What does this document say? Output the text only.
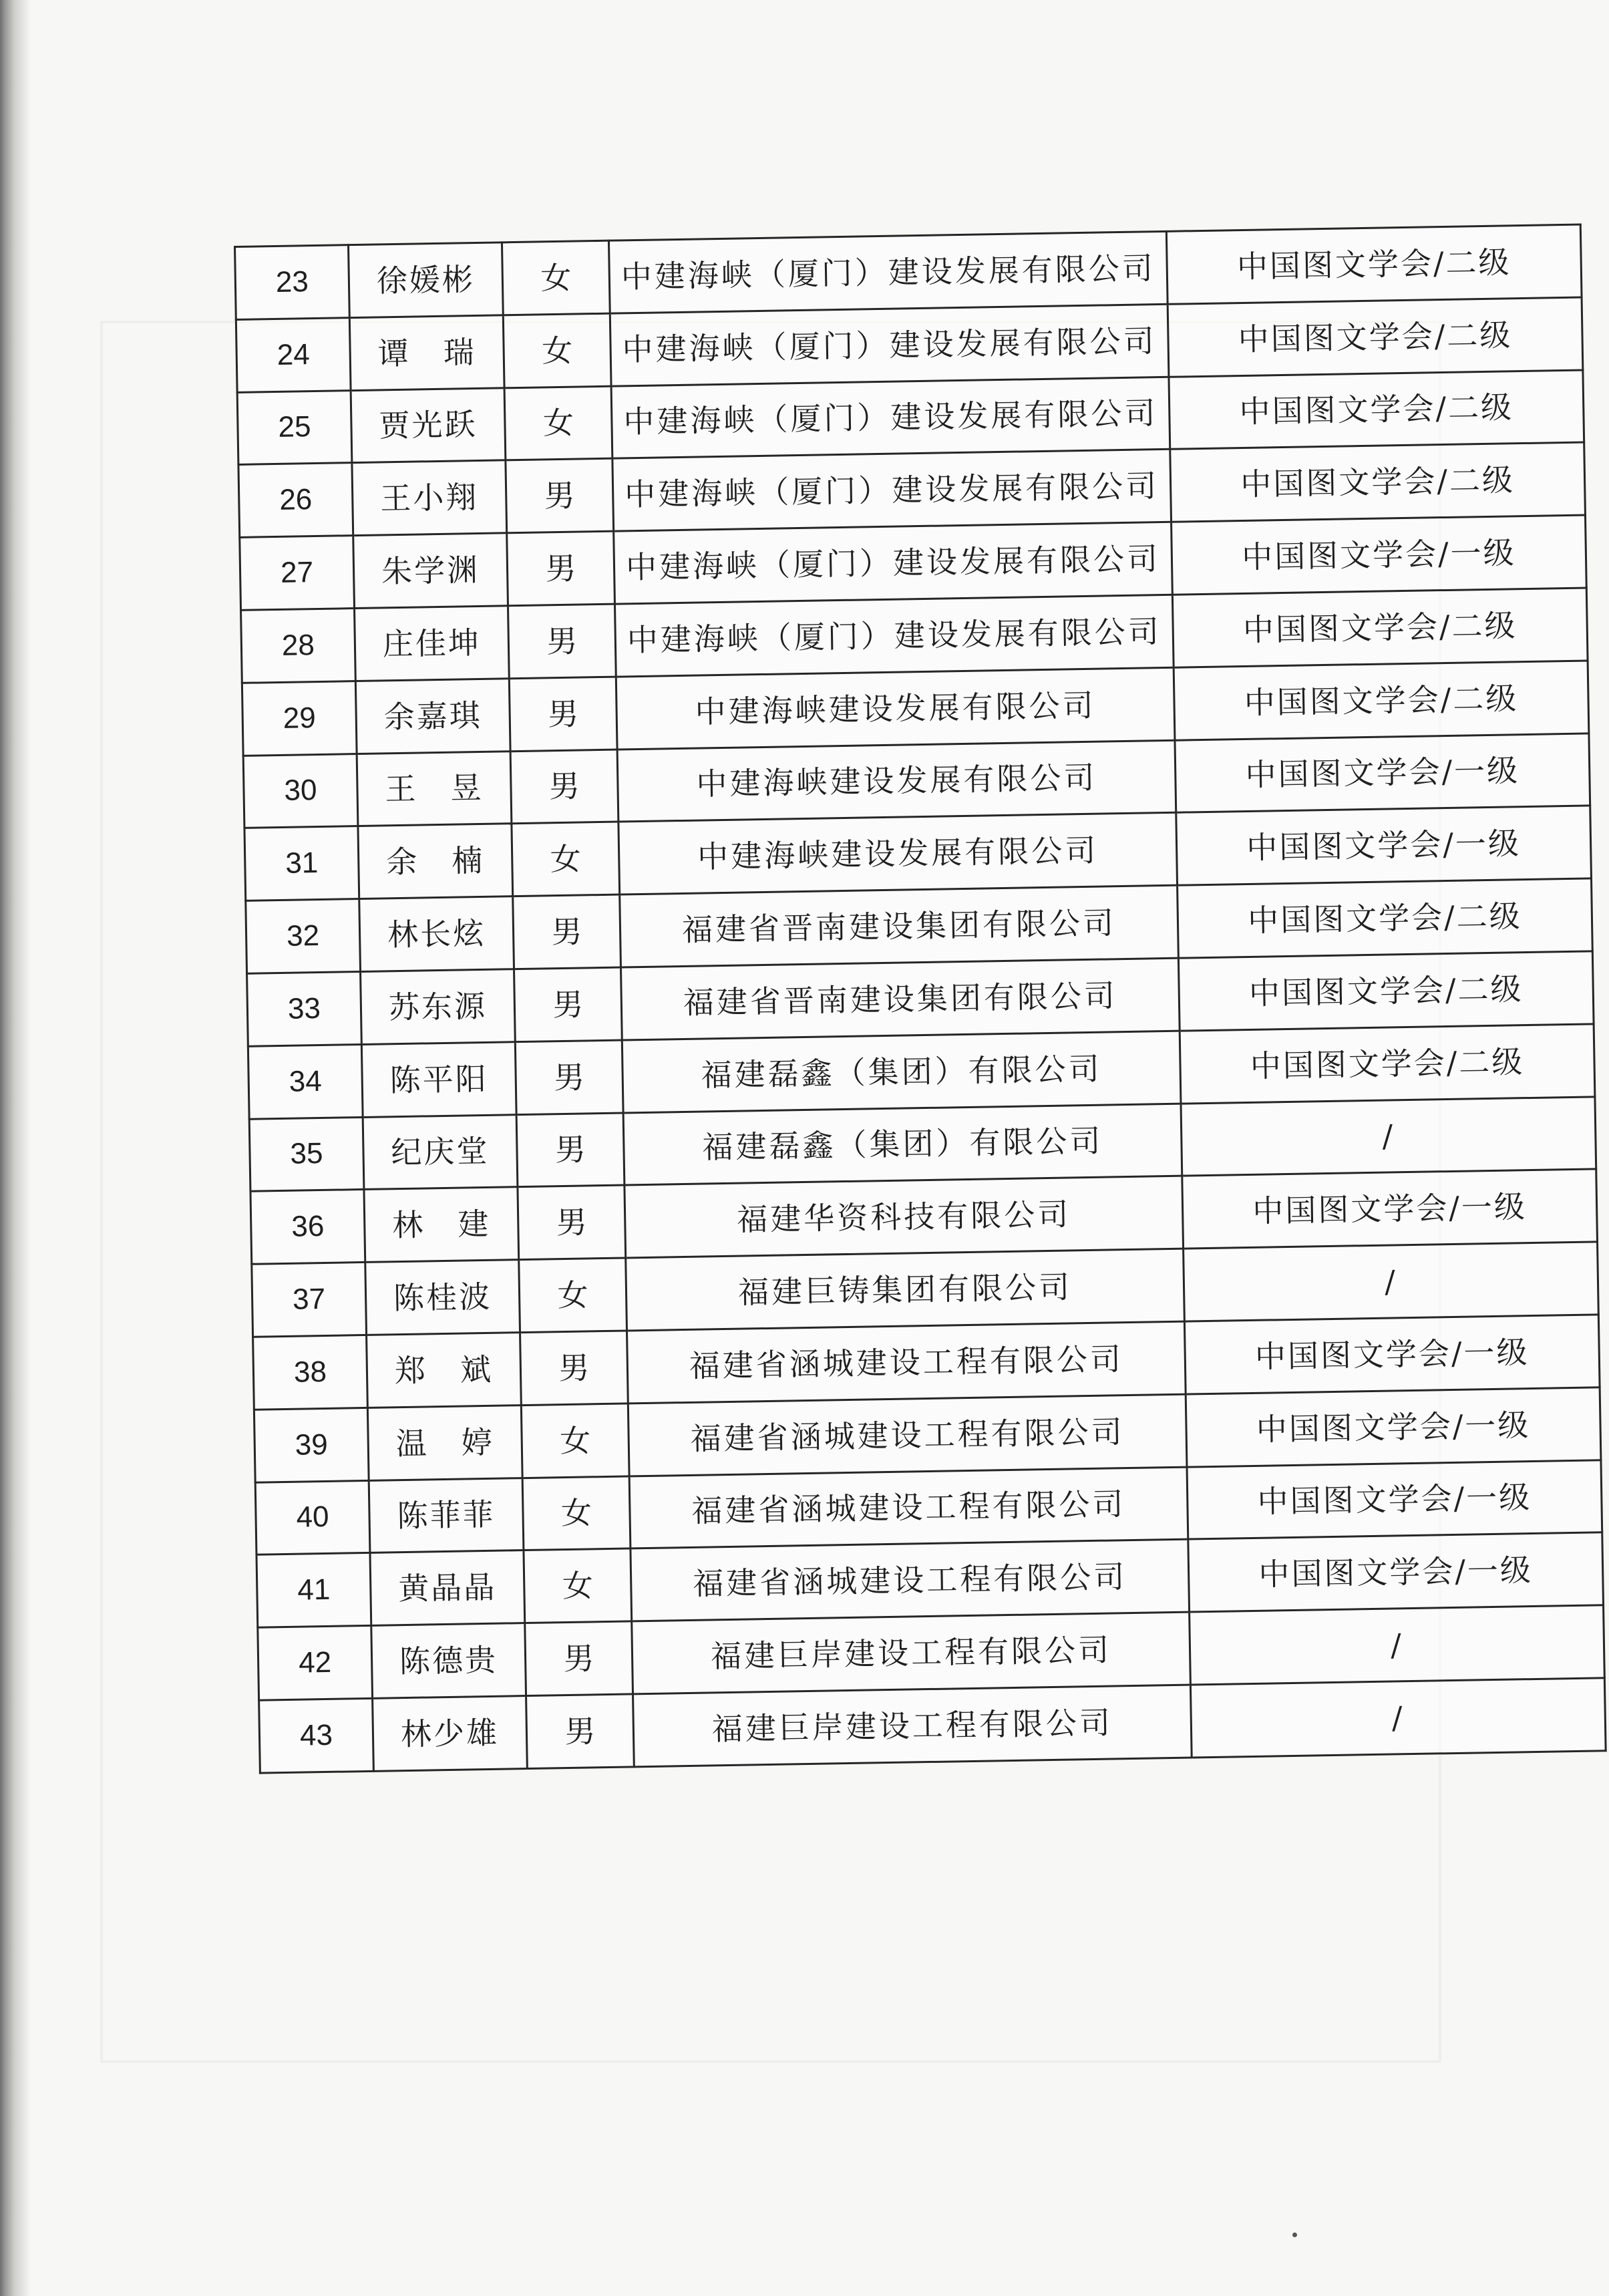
23	徐媛彬	女	中建海峡（厦门）建设发展有限公司	中国图文学会/二级
24	谭　瑞	女	中建海峡（厦门）建设发展有限公司	中国图文学会/二级
25	贾光跃	女	中建海峡（厦门）建设发展有限公司	中国图文学会/二级
26	王小翔	男	中建海峡（厦门）建设发展有限公司	中国图文学会/二级
27	朱学渊	男	中建海峡（厦门）建设发展有限公司	中国图文学会/一级
28	庄佳坤	男	中建海峡（厦门）建设发展有限公司	中国图文学会/二级
29	余嘉琪	男	中建海峡建设发展有限公司	中国图文学会/二级
30	王　昱	男	中建海峡建设发展有限公司	中国图文学会/一级
31	余　楠	女	中建海峡建设发展有限公司	中国图文学会/一级
32	林长炫	男	福建省晋南建设集团有限公司	中国图文学会/二级
33	苏东源	男	福建省晋南建设集团有限公司	中国图文学会/二级
34	陈平阳	男	福建磊鑫（集团）有限公司	中国图文学会/二级
35	纪庆堂	男	福建磊鑫（集团）有限公司	/
36	林　建	男	福建华资科技有限公司	中国图文学会/一级
37	陈桂波	女	福建巨铸集团有限公司	/
38	郑　斌	男	福建省涵城建设工程有限公司	中国图文学会/一级
39	温　婷	女	福建省涵城建设工程有限公司	中国图文学会/一级
40	陈菲菲	女	福建省涵城建设工程有限公司	中国图文学会/一级
41	黄晶晶	女	福建省涵城建设工程有限公司	中国图文学会/一级
42	陈德贵	男	福建巨岸建设工程有限公司	/
43	林少雄	男	福建巨岸建设工程有限公司	/
